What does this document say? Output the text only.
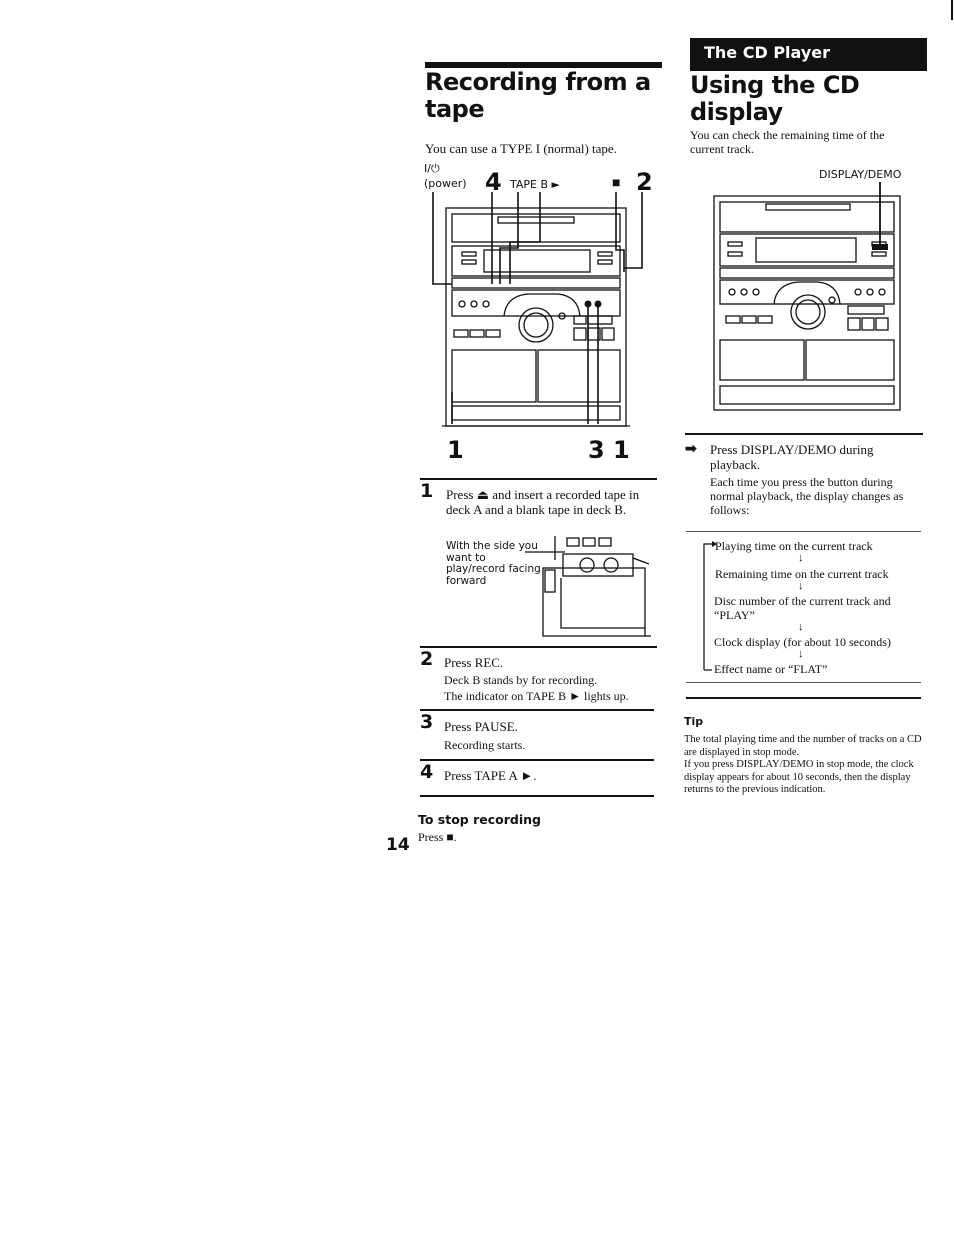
Recording from a tape
You can use a TYPE I (normal) tape.
I/⏻
(power) 4 TAPE B ►	■ 2
1	3 1
1 Press ⏏ and insert a recorded tape in deck A and a blank tape in deck B.
With the side you want to play/record facing forward
2 Press REC.
Deck B stands by for recording.
The indicator on TAPE B ► lights up.
3 Press PAUSE.
Recording starts.
4 Press TAPE A ►.
To stop recording
Press ■.
14
The CD Player
Using the CD display
You can check the remaining time of the current track.
DISPLAY/DEMO
➡ Press DISPLAY/DEMO during playback.
Each time you press the button during normal playback, the display changes as follows:
Playing time on the current track
↓
Remaining time on the current track
↓
Disc number of the current track and “PLAY”
↓
Clock display (for about 10 seconds)
↓
Effect name or “FLAT”
Tip
The total playing time and the number of tracks on a CD are displayed in stop mode.
If you press DISPLAY/DEMO in stop mode, the clock display appears for about 10 seconds, then the display returns to the previous indication.
